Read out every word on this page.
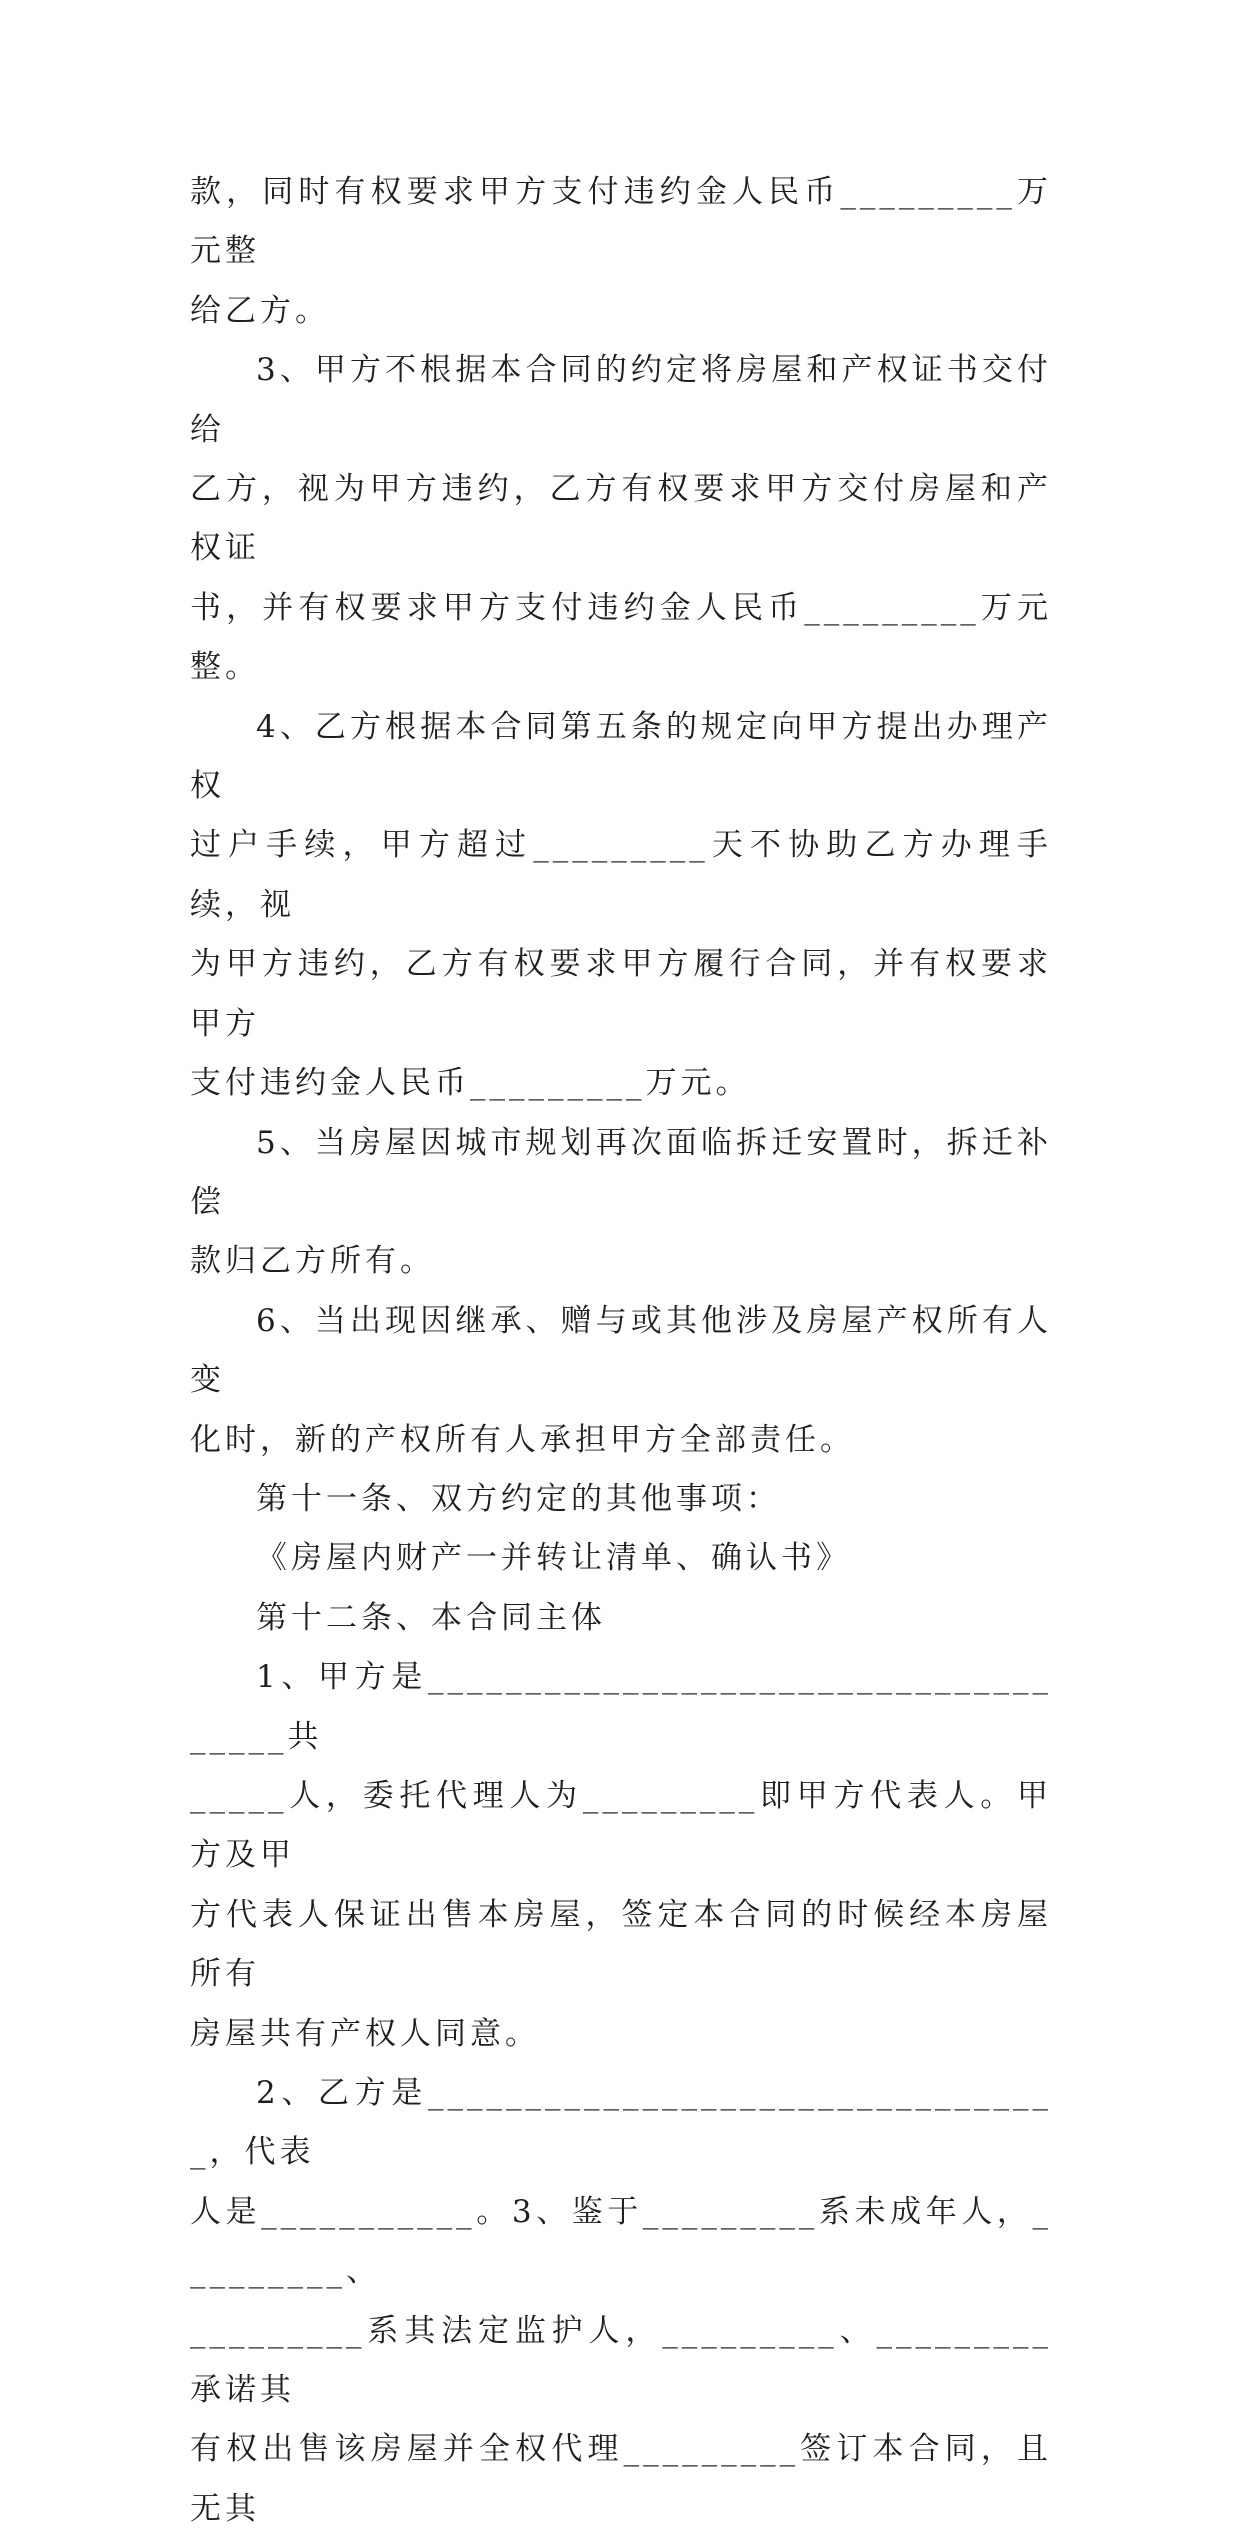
款，同时有权要求甲方支付违约金人民币_________万元整
给乙方。

3、甲方不根据本合同的约定将房屋和产权证书交付给
乙方，视为甲方违约，乙方有权要求甲方交付房屋和产权证
书，并有权要求甲方支付违约金人民币_________万元整。

4、乙方根据本合同第五条的规定向甲方提出办理产权
过户手续，甲方超过_________天不协助乙方办理手续，视
为甲方违约，乙方有权要求甲方履行合同，并有权要求甲方
支付违约金人民币_________万元。

5、当房屋因城市规划再次面临拆迁安置时，拆迁补偿
款归乙方所有。

6、当出现因继承、赠与或其他涉及房屋产权所有人变
化时，新的产权所有人承担甲方全部责任。

第十一条、双方约定的其他事项：

《房屋内财产一并转让清单、确认书》

第十二条、本合同主体

1、甲方是_____________________________________共
_____人，委托代理人为_________即甲方代表人。甲方及甲
方代表人保证出售本房屋，签定本合同的时候经本房屋所有
房屋共有产权人同意。

2、乙方是_________________________________，代表
人是___________。3、鉴于_________系未成年人，_________、
_________系其法定监护人，_________、_________承诺其
有权出售该房屋并全权代理_________签订本合同，且无其
